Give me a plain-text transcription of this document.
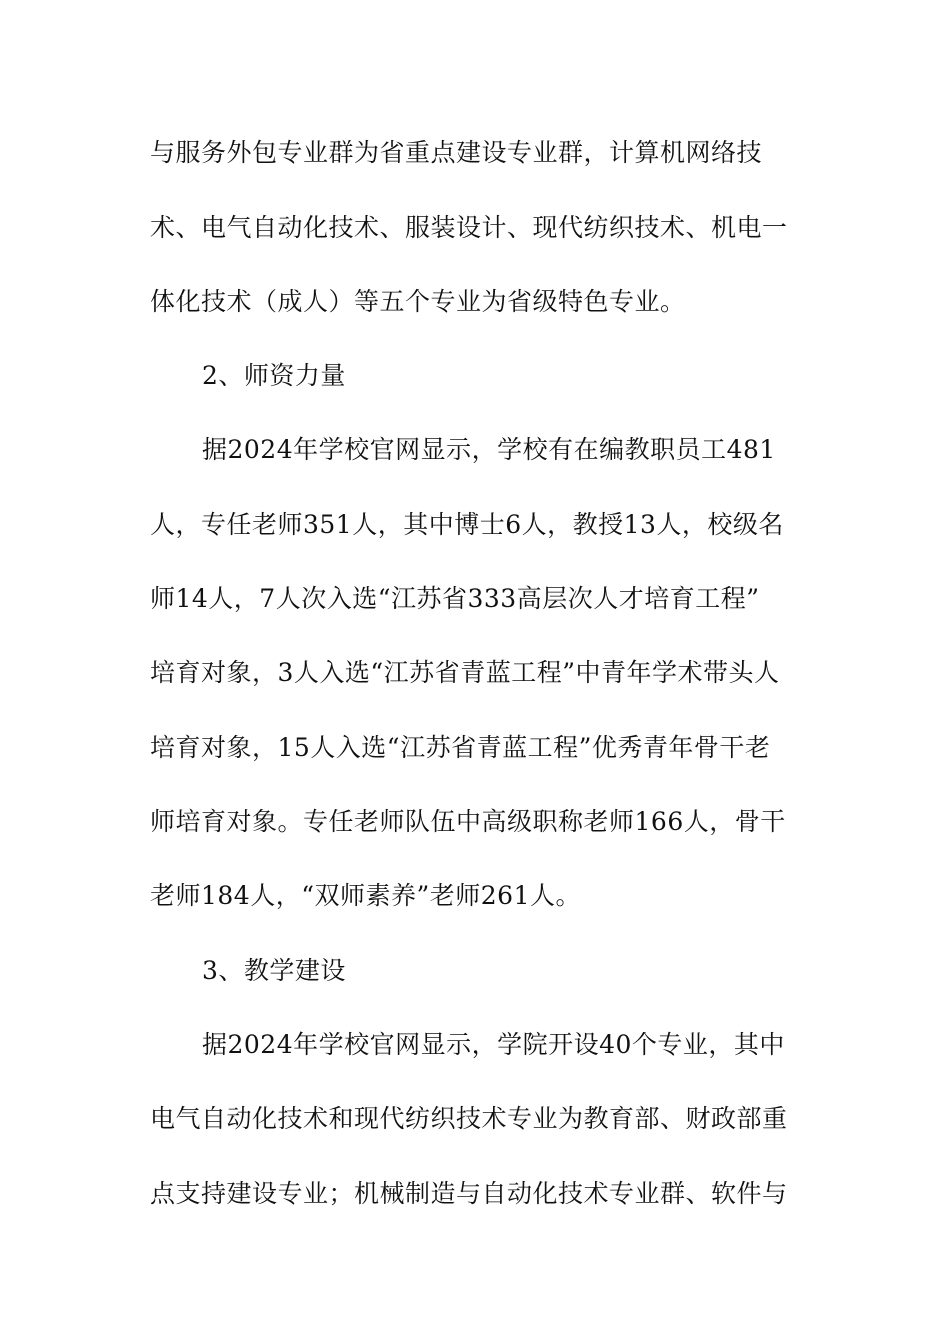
与服务外包专业群为省重点建设专业群，计算机网络技
术、电气自动化技术、服装设计、现代纺织技术、机电一
体化技术（成人）等五个专业为省级特色专业。
2、师资力量
据2024年学校官网显示，学校有在编教职员工481
人，专任老师351人，其中博士6人，教授13人，校级名
师14人，7人次入选“江苏省333高层次人才培育工程”
培育对象，3人入选“江苏省青蓝工程”中青年学术带头人
培育对象，15人入选“江苏省青蓝工程”优秀青年骨干老
师培育对象。专任老师队伍中高级职称老师166人，骨干
老师184人，“双师素养”老师261人。
3、教学建设
据2024年学校官网显示，学院开设40个专业，其中
电气自动化技术和现代纺织技术专业为教育部、财政部重
点支持建设专业；机械制造与自动化技术专业群、软件与
